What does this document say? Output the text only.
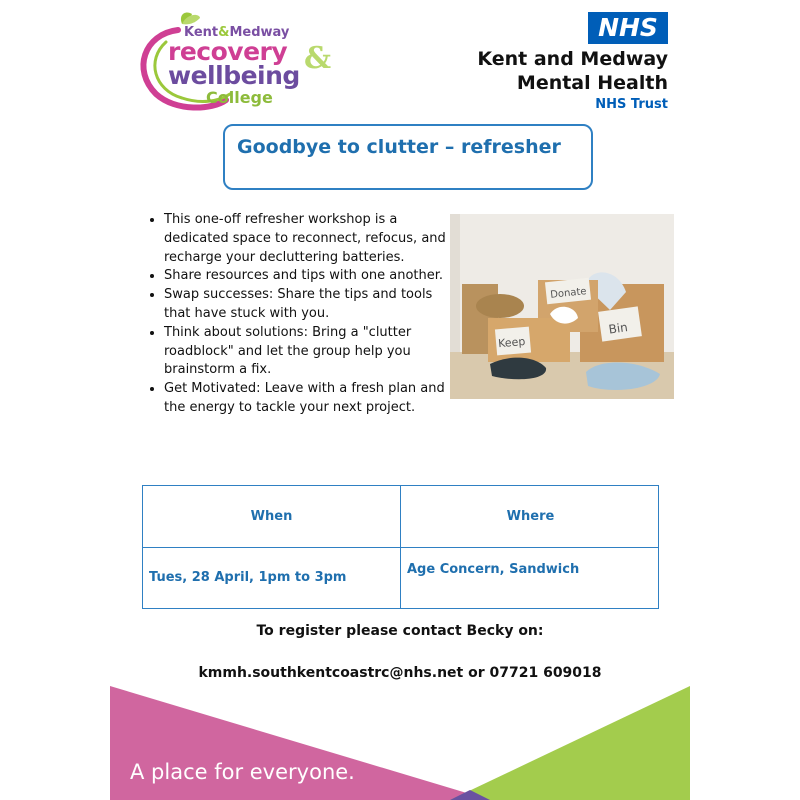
Kent&Medway
recovery &
wellbeing
College
NHS
Kent and Medway
Mental Health
NHS Trust
Goodbye to clutter – refresher
• This one-off refresher workshop is a dedicated space to reconnect, refocus, and recharge your decluttering batteries.
• Share resources and tips with one another.
• Swap successes: Share the tips and tools that have stuck with you.
• Think about solutions: Bring a "clutter roadblock" and let the group help you brainstorm a fix.
• Get Motivated: Leave with a fresh plan and the energy to tackle your next project.
Bin
Donate
Keep
When	Where
Tues, 28 April, 1pm to 3pm
Age Concern, Sandwich
To register please contact Becky on:
kmmh.southkentcoastrc@nhs.net or 07721 609018
A place for everyone.
